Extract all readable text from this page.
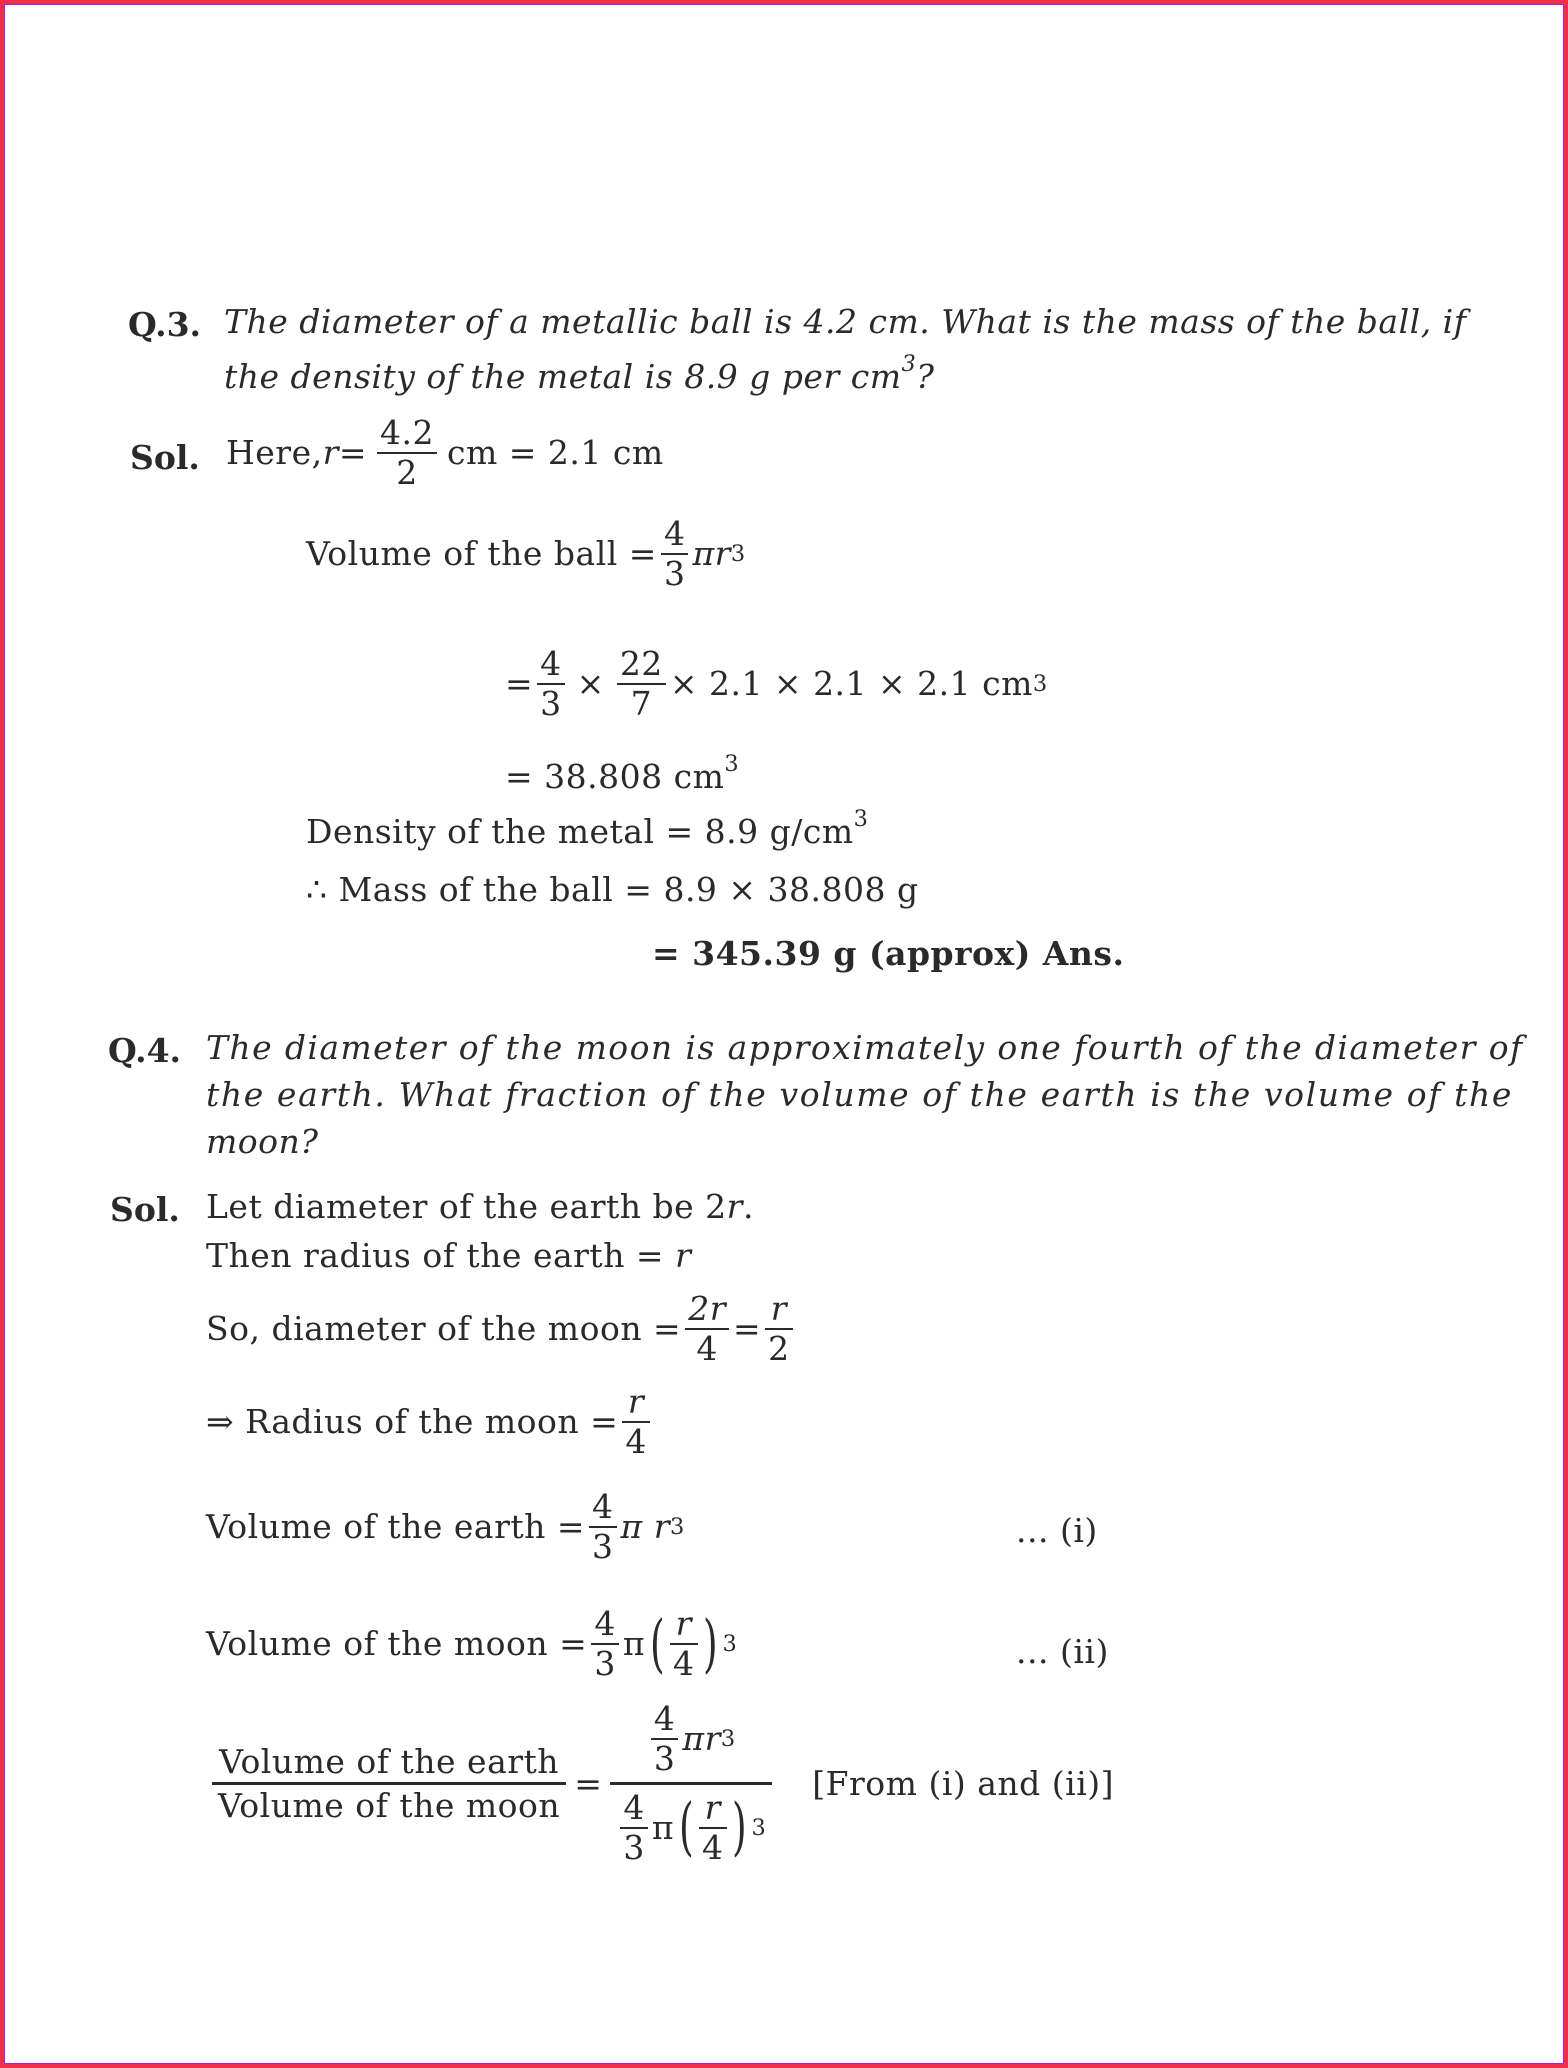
Q.3. The diameter of a metallic ball is 4.2 cm. What is the mass of the ball, if
the density of the metal is 8.9 g per $cm^3$?
Sol. Here, $r = \frac{4.2}{2}$ cm = 2.1 cm
Volume of the ball = $\frac{4}{3}$ πr 3
= $\frac{4}{3} \times \frac{22}{7} \times 2.1 \times 2.1 \times 2.1$ cm 3
= 38.808 $cm^3$
Density of the metal = 8.9 $g/cm^3$
∴ Mass of the ball = 8.9 × 38.808 g
= 345.39 g (approx) Ans.
Q.4. The diameter of the moon is approximately one fourth of the diameter of
the earth. What fraction of the volume of the earth is the volume of the
moon?
Sol. Let diameter of the earth be 2r.
Then radius of the earth = r
So, diameter of the moon = $\frac{2r}{4} = \frac{r}{2}$
⇒ Radius of the moon = $\frac{r}{4}$
Volume of the earth = $\frac{4}{3}$ π r 3	... (i)
Volume of the moon = $\frac{4}{3}$ π ( $\frac{r}{4}$ ) 3	... (ii)
$\frac{\text{Volume of the earth}}{\text{Volume of the moon}} = \frac{\frac{4}{3} \pi r 3}{\frac{4}{3} \pi ( \frac{r}{4} ) 3}$ [From (i) and (ii)]
